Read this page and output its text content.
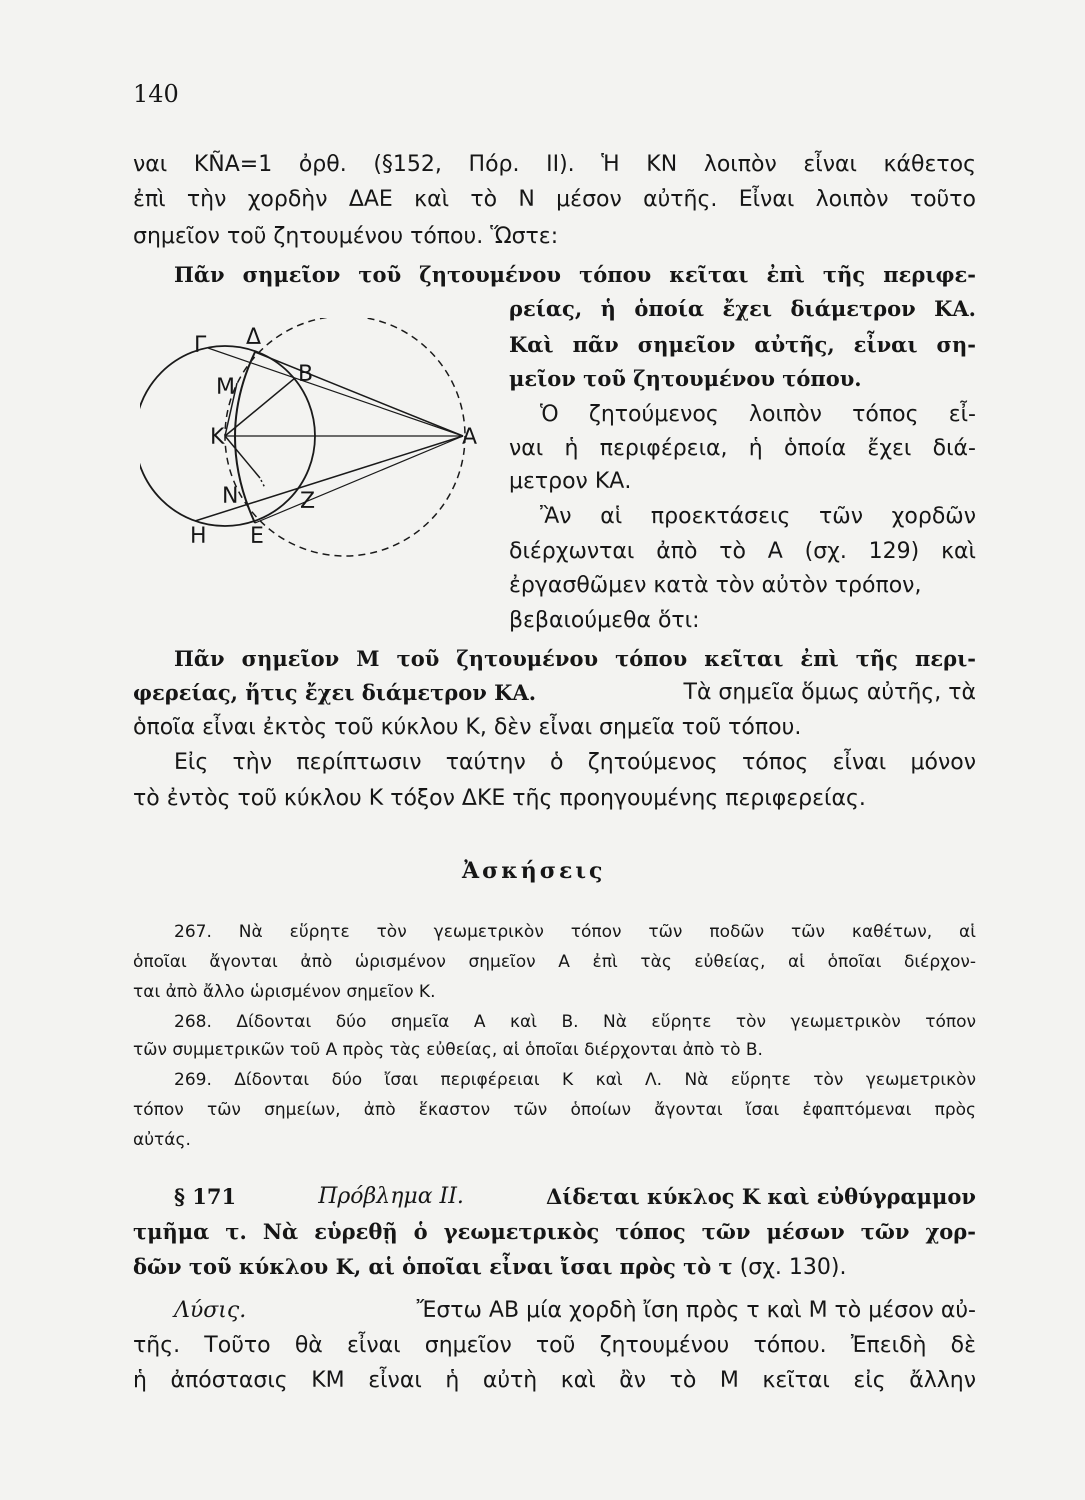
140
ναι KÑA=1 ὀρθ. (§152, Πόρ. II). Ἡ ΚΝ λοιπὸν εἶναι κάθετος
ἐπὶ τὴν χορδὴν ΔΑΕ καὶ τὸ Ν μέσον αὐτῆς. Εἶναι λοιπὸν τοῦτο
σημεῖον τοῦ ζητουμένου τόπου. Ὥστε:
Πᾶν σημεῖον τοῦ ζητουμένου τόπου κεῖται ἐπὶ τῆς περιφε-
ρείας, ἡ ὁποία ἔχει διάμετρον ΚΑ.
Καὶ πᾶν σημεῖον αὐτῆς, εἶναι ση-
μεῖον τοῦ ζητουμένου τόπου.
Ὁ ζητούμενος λοιπὸν τόπος εἶ-
ναι ἡ περιφέρεια, ἡ ὁποία ἔχει διά-
μετρον ΚΑ.
Ἂν αἱ προεκτάσεις τῶν χορδῶν
διέρχωνται ἀπὸ τὸ Α (σχ. 129) καὶ
ἐργασθῶμεν κατὰ τὸν αὐτὸν τρόπον,
βεβαιούμεθα ὅτι:
Γ Δ
Μ
Β
Κ	Α
Ν	Ζ
Η Ε
Πᾶν σημεῖον Μ τοῦ ζητουμένου τόπου κεῖται ἐπὶ τῆς περι-
φερείας, ἥτις ἔχει διάμετρον ΚΑ.	Τὰ σημεῖα ὅμως αὐτῆς, τὰ
ὁποῖα εἶναι ἐκτὸς τοῦ κύκλου Κ, δὲν εἶναι σημεῖα τοῦ τόπου.
Εἰς τὴν περίπτωσιν ταύτην ὁ ζητούμενος τόπος εἶναι μόνον
τὸ ἐντὸς τοῦ κύκλου Κ τόξον ΔΚΕ τῆς προηγουμένης περιφερείας.
Ἀσκήσεις
267. Νὰ εὕρητε τὸν γεωμετρικὸν τόπον τῶν ποδῶν τῶν καθέτων, αἱ
ὁποῖαι ἄγονται ἀπὸ ὡρισμένον σημεῖον Α ἐπὶ τὰς εὐθείας, αἱ ὁποῖαι διέρχον-
ται ἀπὸ ἄλλο ὡρισμένον σημεῖον Κ.
268. Δίδονται δύο σημεῖα Α καὶ Β. Νὰ εὕρητε τὸν γεωμετρικὸν τόπον
τῶν συμμετρικῶν τοῦ Α πρὸς τὰς εὐθείας, αἱ ὁποῖαι διέρχονται ἀπὸ τὸ Β.
269. Δίδονται δύο ἴσαι περιφέρειαι Κ καὶ Λ. Νὰ εὕρητε τὸν γεωμετρικὸν
τόπον τῶν σημείων, ἀπὸ ἕκαστον τῶν ὁποίων ἄγονται ἴσαι ἐφαπτόμεναι πρὸς
αὐτάς.
§ 171	Πρόβλημα ΙΙ.	Δίδεται κύκλος Κ καὶ εὐθύγραμμον
τμῆμα τ. Νὰ εὑρεθῇ ὁ γεωμετρικὸς τόπος τῶν μέσων τῶν χορ-
δῶν τοῦ κύκλου Κ, αἱ ὁποῖαι εἶναι ἴσαι πρὸς τὸ τ (σχ. 130).
Λύσις.	Ἔστω ΑΒ μία χορδὴ ἴση πρὸς τ καὶ Μ τὸ μέσον αὐ-
τῆς. Τοῦτο θὰ εἶναι σημεῖον τοῦ ζητουμένου τόπου. Ἐπειδὴ δὲ
ἡ ἀπόστασις ΚΜ εἶναι ἡ αὐτὴ καὶ ἂν τὸ Μ κεῖται εἰς ἄλλην
